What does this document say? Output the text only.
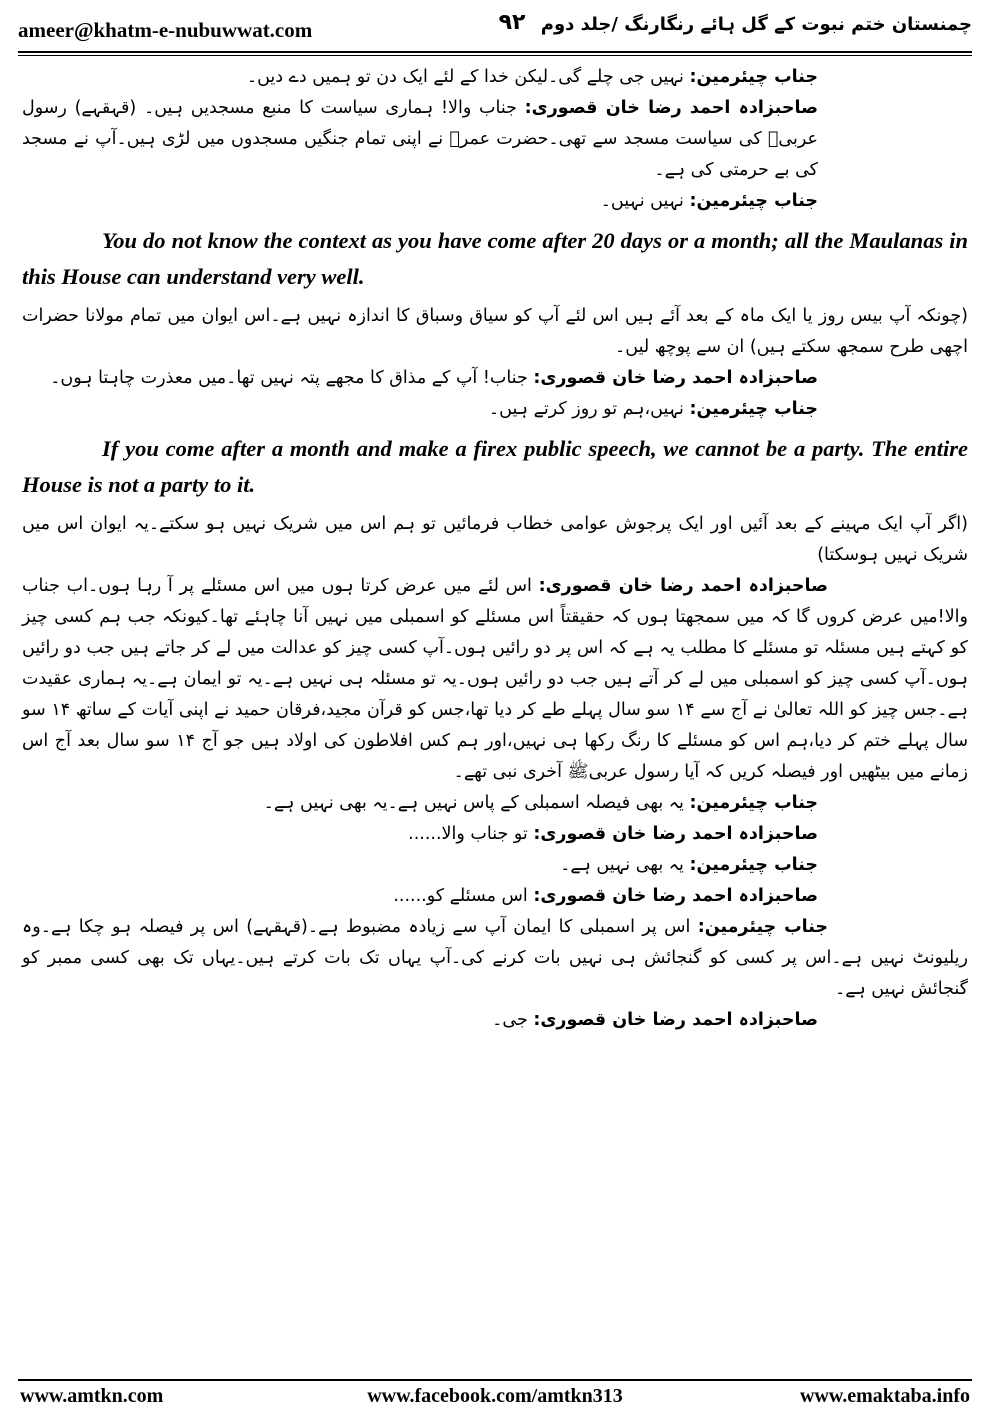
ameer@khatm-e-nubuwwat.com	۹۲ چمنستان ختم نبوت کے گل ہائے رنگارنگ /جلد دوم

جناب چیئرمین: نہیں جی چلے گی۔لیکن خدا کے لئے ایک دن تو ہمیں دے دیں۔

صاحبزادہ احمد رضا خان قصوری: جناب والا! ہماری سیاست کا منبع مسجدیں ہیں۔ (قہقہے) رسول عربیﷺ کی سیاست مسجد سے تھی۔حضرت عمرؓ نے اپنی تمام جنگیں مسجدوں میں لڑی ہیں۔آپ نے مسجد کی بے حرمتی کی ہے۔

جناب چیئرمین: نہیں نہیں۔

You do not know the context as you have come after 20 days or a month; all the Maulanas in this House can understand very well.

(چونکہ آپ بیس روز یا ایک ماہ کے بعد آئے ہیں اس لئے آپ کو سیاق وسباق کا اندازہ نہیں ہے۔اس ایوان میں تمام مولانا حضرات اچھی طرح سمجھ سکتے ہیں) ان سے پوچھ لیں۔

صاحبزادہ احمد رضا خان قصوری: جناب! آپ کے مذاق کا مجھے پتہ نہیں تھا۔میں معذرت چاہتا ہوں۔

جناب چیئرمین: نہیں،ہم تو روز کرتے ہیں۔

If you come after a month and make a firex public speech, we cannot be a party. The entire House is not a party to it.

(اگر آپ ایک مہینے کے بعد آئیں اور ایک پرجوش عوامی خطاب فرمائیں تو ہم اس میں شریک نہیں ہو سکتے۔یہ ایوان اس میں شریک نہیں ہوسکتا)

صاحبزادہ احمد رضا خان قصوری: اس لئے میں عرض کرتا ہوں میں اس مسئلے پر آ رہا ہوں۔اب جناب والا!میں عرض کروں گا کہ میں سمجھتا ہوں کہ حقیقتاً اس مسئلے کو اسمبلی میں نہیں آنا چاہئے تھا۔کیونکہ جب ہم کسی چیز کو کہتے ہیں مسئلہ تو مسئلے کا مطلب یہ ہے کہ اس پر دو رائیں ہوں۔آپ کسی چیز کو عدالت میں لے کر جاتے ہیں جب دو رائیں ہوں۔آپ کسی چیز کو اسمبلی میں لے کر آتے ہیں جب دو رائیں ہوں۔یہ تو مسئلہ ہی نہیں ہے۔یہ تو ایمان ہے۔یہ ہماری عقیدت ہے۔جس چیز کو اللہ تعالیٰ نے آج سے ۱۴ سو سال پہلے طے کر دیا تھا،جس کو قرآن مجید،فرقان حمید نے اپنی آیات کے ساتھ ۱۴ سو سال پہلے ختم کر دیا،ہم اس کو مسئلے کا رنگ رکھا ہی نہیں،اور ہم کس افلاطون کی اولاد ہیں جو آج ۱۴ سو سال بعد آج اس زمانے میں بیٹھیں اور فیصلہ کریں کہ آیا رسول عربیﷺ آخری نبی تھے۔

جناب چیئرمین: یہ بھی فیصلہ اسمبلی کے پاس نہیں ہے۔یہ بھی نہیں ہے۔

صاحبزادہ احمد رضا خان قصوری: تو جناب والا......

جناب چیئرمین: یہ بھی نہیں ہے۔

صاحبزادہ احمد رضا خان قصوری: اس مسئلے کو......

جناب چیئرمین: اس پر اسمبلی کا ایمان آپ سے زیادہ مضبوط ہے۔(قہقہے) اس پر فیصلہ ہو چکا ہے۔وہ ریلیونٹ نہیں ہے۔اس پر کسی کو گنجائش ہی نہیں بات کرنے کی۔آپ یہاں تک بات کرتے ہیں۔یہاں تک بھی کسی ممبر کو گنجائش نہیں ہے۔

صاحبزادہ احمد رضا خان قصوری: جی۔

www.amtkn.com	www.facebook.com/amtkn313	www.emaktaba.info
